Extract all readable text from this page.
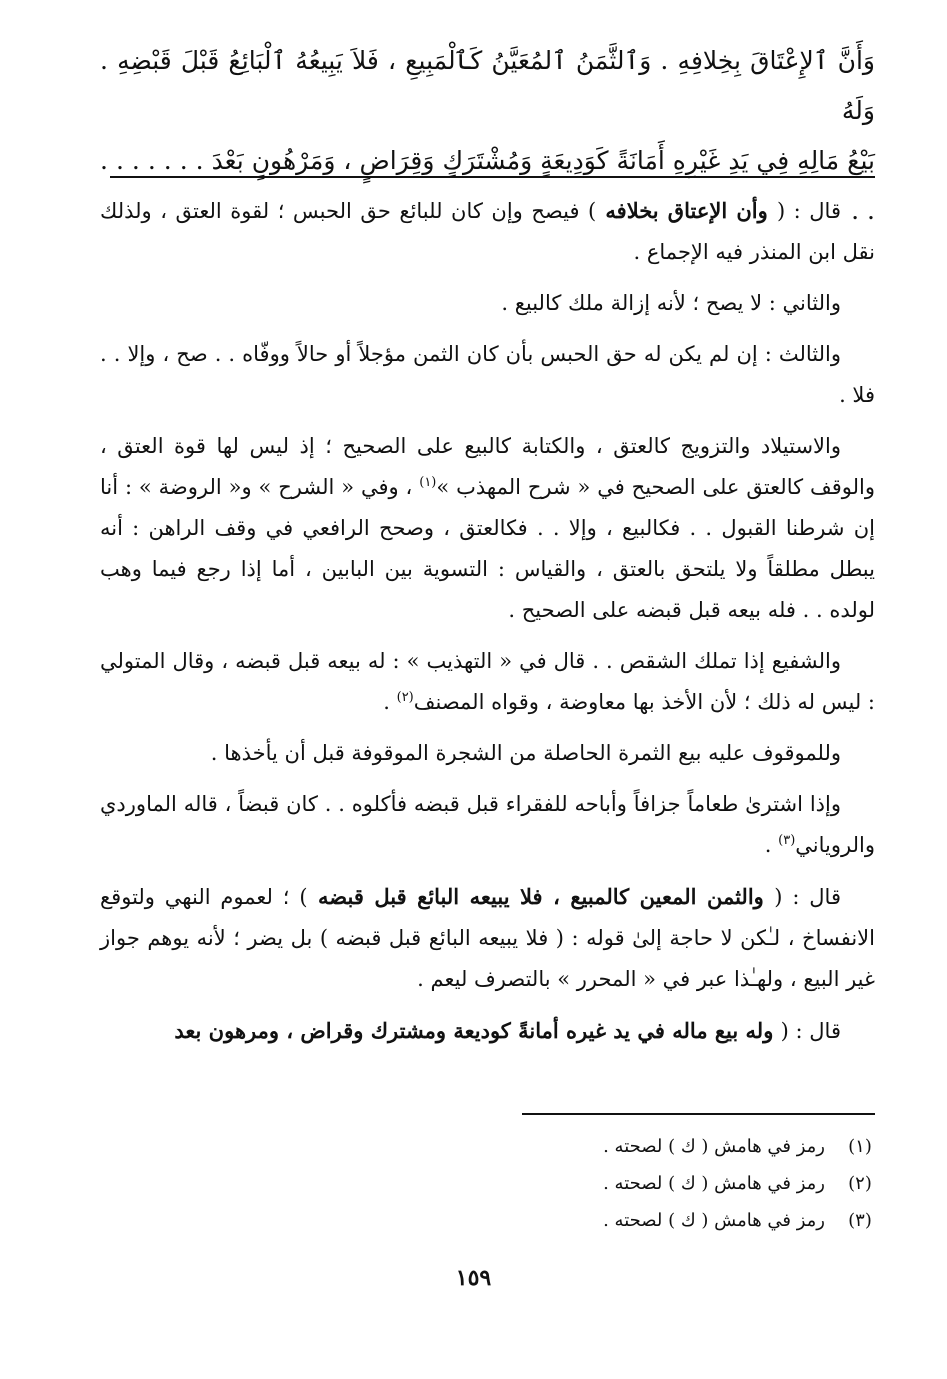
وَأَنَّ ٱلإِعْتَاقَ بِخِلافِهِ . وَٱلثَّمَنُ ٱلمُعَيَّنُ كَٱلْمَبِيعِ ، فَلاَ يَبِيعُهُ ٱلْبَائِعُ قَبْلَ قَبْضِهِ . وَلَهُ

بَيْعُ مَالِهِ فِي يَدِ غَيْرِهِ أَمَانَةً كَوَدِيعَةٍ وَمُشْتَرَكٍ وَقِرَاضٍ ، وَمَرْهُونٍ بَعْدَ . . . . . . . . .

قال : ( وأن الإعتاق بخلافه ) فيصح وإن كان للبائع حق الحبس ؛ لقوة العتق ، ولذلك نقل ابن المنذر فيه الإجماع .

والثاني : لا يصح ؛ لأنه إزالة ملك كالبيع .

والثالث : إن لم يكن له حق الحبس بأن كان الثمن مؤجلاً أو حالاً ووفّاه . . صح ، وإلا . . فلا .

والاستيلاد والتزويج كالعتق ، والكتابة كالبيع على الصحيح ؛ إذ ليس لها قوة العتق ، والوقف كالعتق على الصحيح في « شرح المهذب »$^{(١)}$ ، وفي « الشرح » و« الروضة » : أنا إن شرطنا القبول . . فكالبيع ، وإلا . . فكالعتق ، وصحح الرافعي في وقف الراهن : أنه يبطل مطلقاً ولا يلتحق بالعتق ، والقياس : التسوية بين البابين ، أما إذا رجع فيما وهب لولده . . فله بيعه قبل قبضه على الصحيح .

والشفيع إذا تملك الشقص . . قال في « التهذيب » : له بيعه قبل قبضه ، وقال المتولي : ليس له ذلك ؛ لأن الأخذ بها معاوضة ، وقواه المصنف$^{(٢)}$ .

وللموقوف عليه بيع الثمرة الحاصلة من الشجرة الموقوفة قبل أن يأخذها .

وإذا اشترىٰ طعاماً جزافاً وأباحه للفقراء قبل قبضه فأكلوه . . كان قبضاً ، قاله الماوردي والروياني$^{(٣)}$ .

قال : ( والثمن المعين كالمبيع ، فلا يبيعه البائع قبل قبضه ) ؛ لعموم النهي ولتوقع الانفساخ ، لـٰكن لا حاجة إلىٰ قوله : ( فلا يبيعه البائع قبل قبضه ) بل يضر ؛ لأنه يوهم جواز غير البيع ، ولهـٰذا عبر في « المحرر » بالتصرف ليعم .

قال : ( وله بيع ماله في يد غيره أمانةً كوديعة ومشترك وقراض ، ومرهون بعد

(١)
رمز في هامش ( ك ) لصحته .
(٢)
رمز في هامش ( ك ) لصحته .
(٣)
رمز في هامش ( ك ) لصحته .
١٥٩
